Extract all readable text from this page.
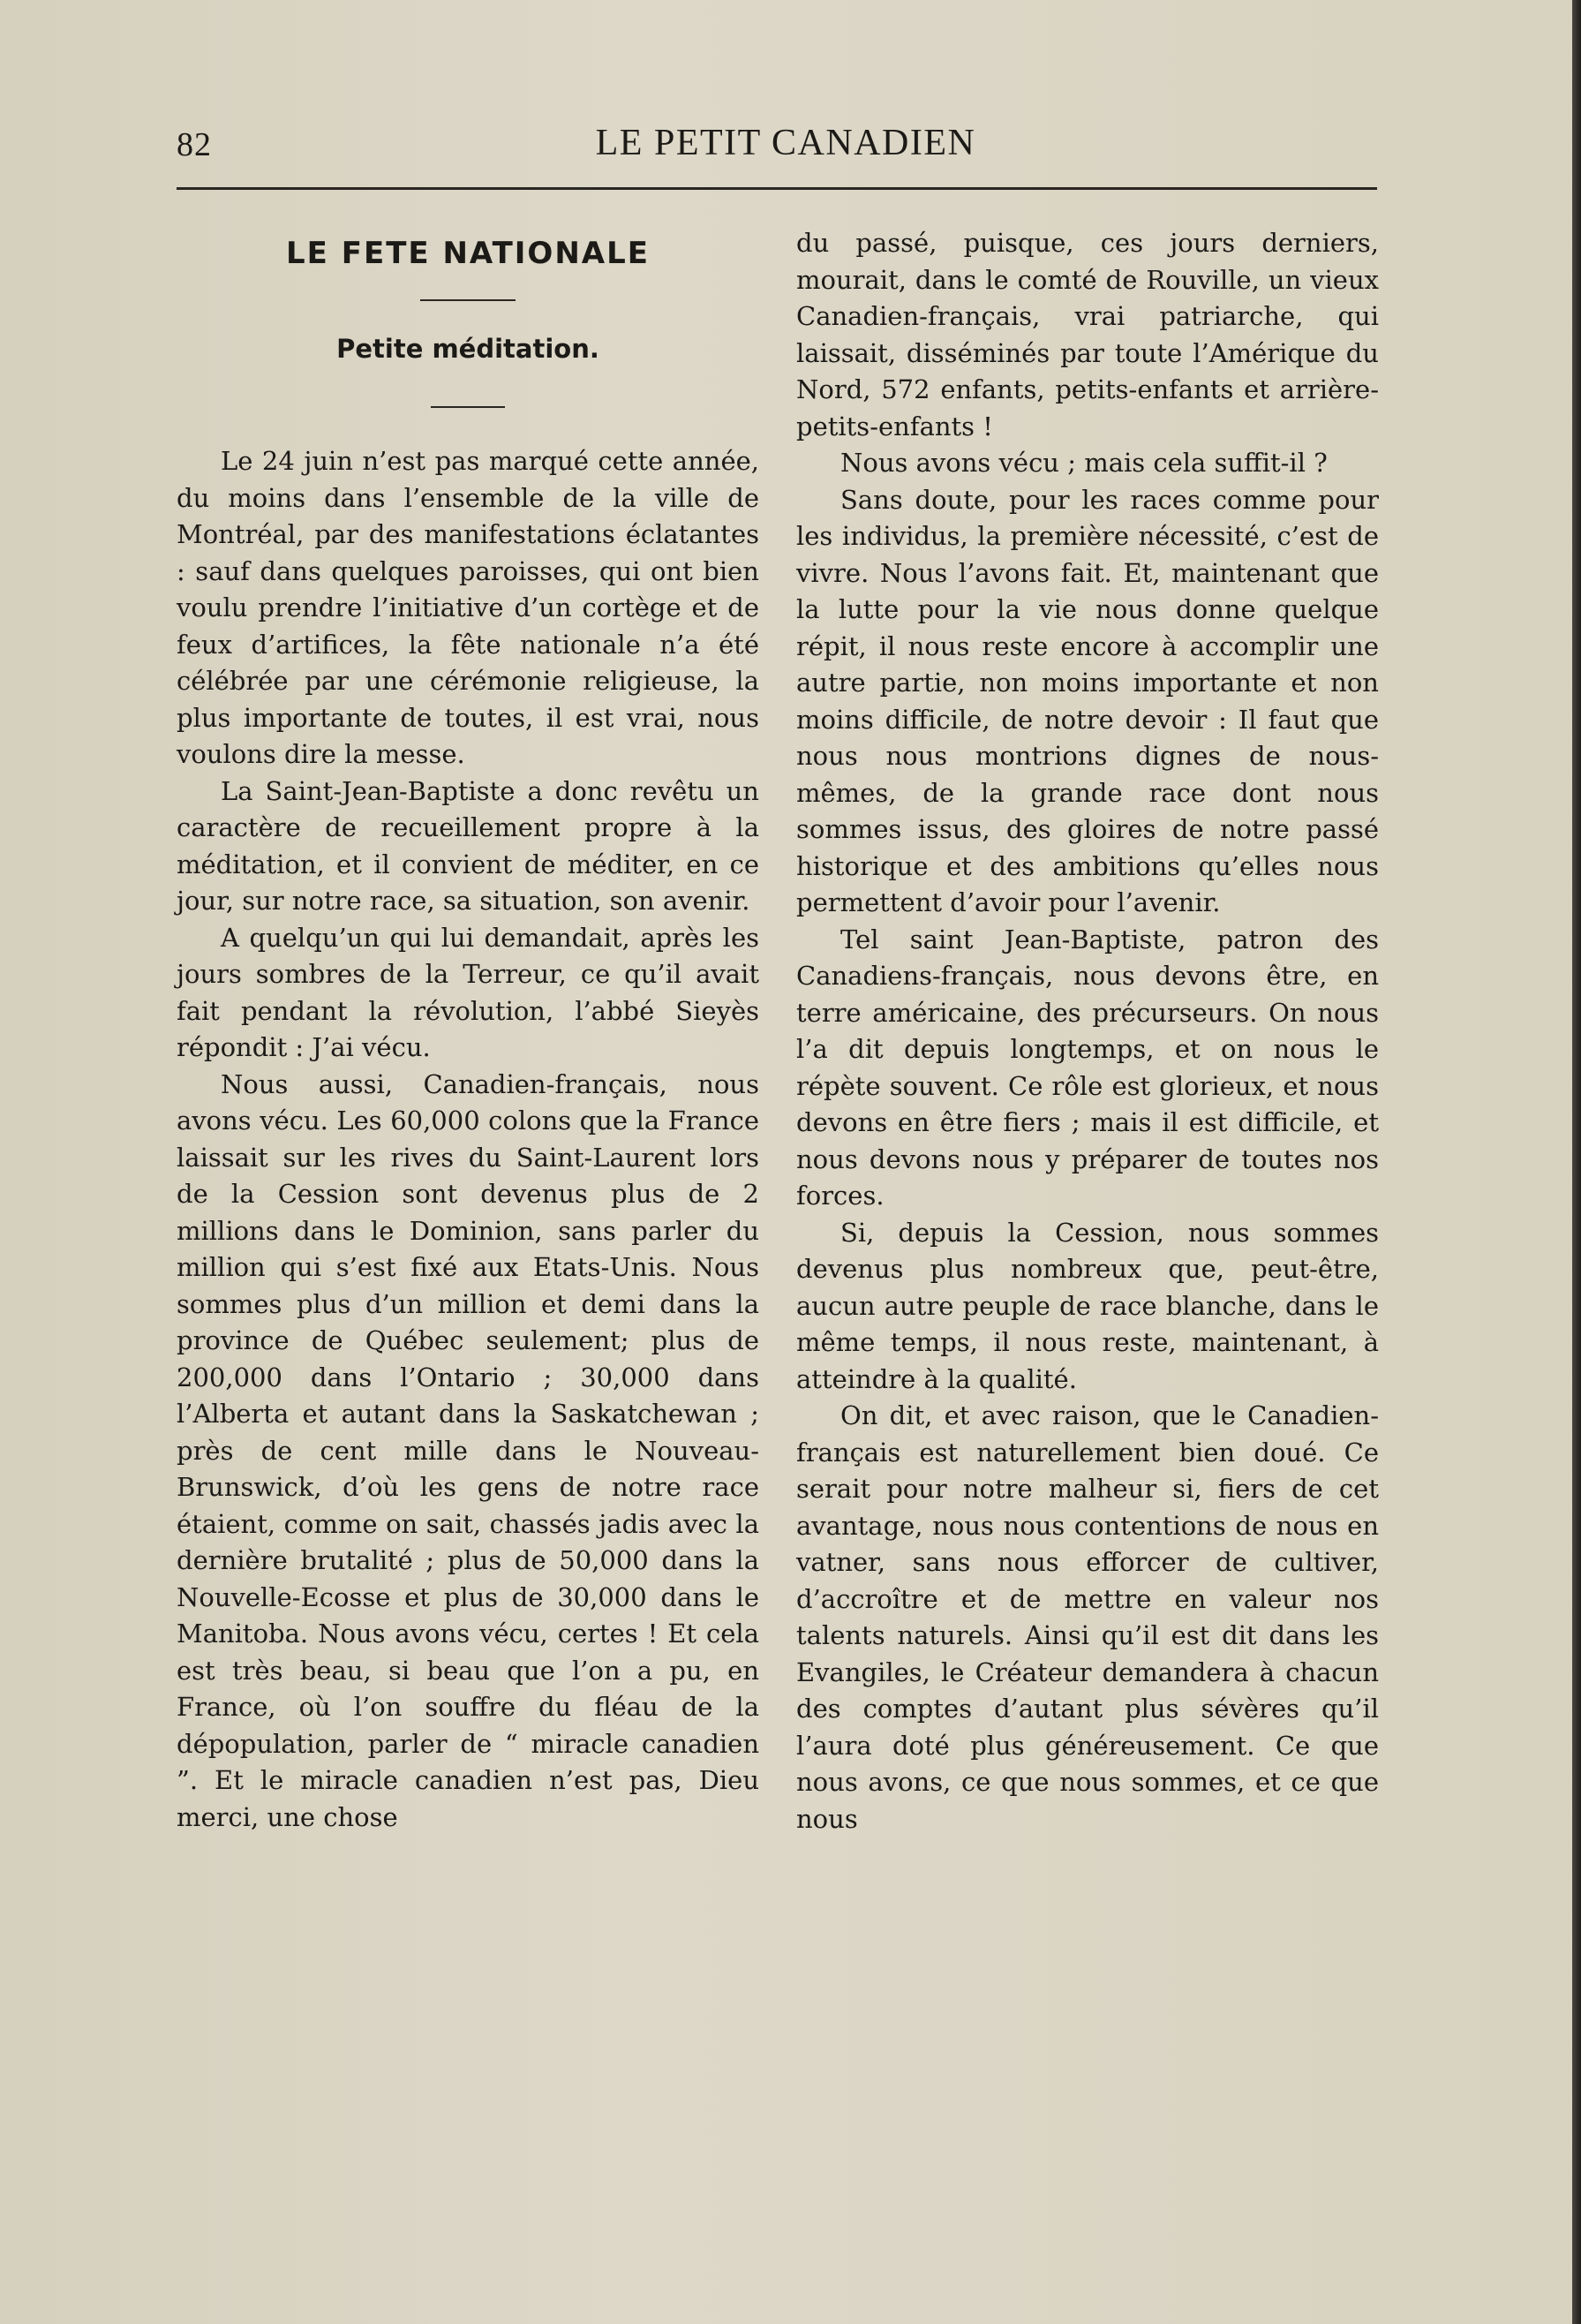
82	LE PETIT CANADIEN
LE FETE NATIONALE
Petite méditation.

Le 24 juin n’est pas marqué cette année, du moins dans l’ensemble de la ville de Montréal, par des manifestations éclatantes : sauf dans quelques paroisses, qui ont bien voulu prendre l’initiative d’un cortège et de feux d’artifices, la fête nationale n’a été célébrée par une cérémonie religieuse, la plus importante de toutes, il est vrai, nous voulons dire la messe.

La Saint-Jean-Baptiste a donc revêtu un caractère de recueillement propre à la méditation, et il convient de méditer, en ce jour, sur notre race, sa situation, son avenir.

A quelqu’un qui lui demandait, après les jours sombres de la Terreur, ce qu’il avait fait pendant la révolution, l’abbé Sieyès répondit : J’ai vécu.

Nous aussi, Canadien-français, nous avons vécu. Les 60,000 colons que la France laissait sur les rives du Saint-Laurent lors de la Cession sont devenus plus de 2 millions dans le Dominion, sans parler du million qui s’est fixé aux Etats-Unis. Nous sommes plus d’un million et demi dans la province de Québec seulement; plus de 200,000 dans l’Ontario ; 30,000 dans l’Alberta et autant dans la Saskatchewan ; près de cent mille dans le Nouveau-Brunswick, d’où les gens de notre race étaient, comme on sait, chassés jadis avec la dernière brutalité ; plus de 50,000 dans la Nouvelle-Ecosse et plus de 30,000 dans le Manitoba. Nous avons vécu, certes ! Et cela est très beau, si beau que l’on a pu, en France, où l’on souffre du fléau de la dépopulation, parler de “ miracle canadien ”. Et le miracle canadien n’est pas, Dieu merci, une chose

du passé, puisque, ces jours derniers, mourait, dans le comté de Rouville, un vieux Canadien-français, vrai patriarche, qui laissait, disséminés par toute l’Amérique du Nord, 572 enfants, petits-enfants et arrière-petits-enfants !

Nous avons vécu ; mais cela suffit-il ?

Sans doute, pour les races comme pour les individus, la première nécessité, c’est de vivre. Nous l’avons fait. Et, maintenant que la lutte pour la vie nous donne quelque répit, il nous reste encore à accomplir une autre partie, non moins importante et non moins difficile, de notre devoir : Il faut que nous nous montrions dignes de nous-mêmes, de la grande race dont nous sommes issus, des gloires de notre passé historique et des ambitions qu’elles nous permettent d’avoir pour l’avenir.

Tel saint Jean-Baptiste, patron des Canadiens-français, nous devons être, en terre américaine, des précurseurs. On nous l’a dit depuis longtemps, et on nous le répète souvent. Ce rôle est glorieux, et nous devons en être fiers ; mais il est difficile, et nous devons nous y préparer de toutes nos forces.

Si, depuis la Cession, nous sommes devenus plus nombreux que, peut-être, aucun autre peuple de race blanche, dans le même temps, il nous reste, maintenant, à atteindre à la qualité.

On dit, et avec raison, que le Canadien-français est naturellement bien doué. Ce serait pour notre malheur si, fiers de cet avantage, nous nous contentions de nous en vatner, sans nous efforcer de cultiver, d’accroître et de mettre en valeur nos talents naturels. Ainsi qu’il est dit dans les Evangiles, le Créateur demandera à chacun des comptes d’autant plus sévères qu’il l’aura doté plus généreusement. Ce que nous avons, ce que nous sommes, et ce que nous
